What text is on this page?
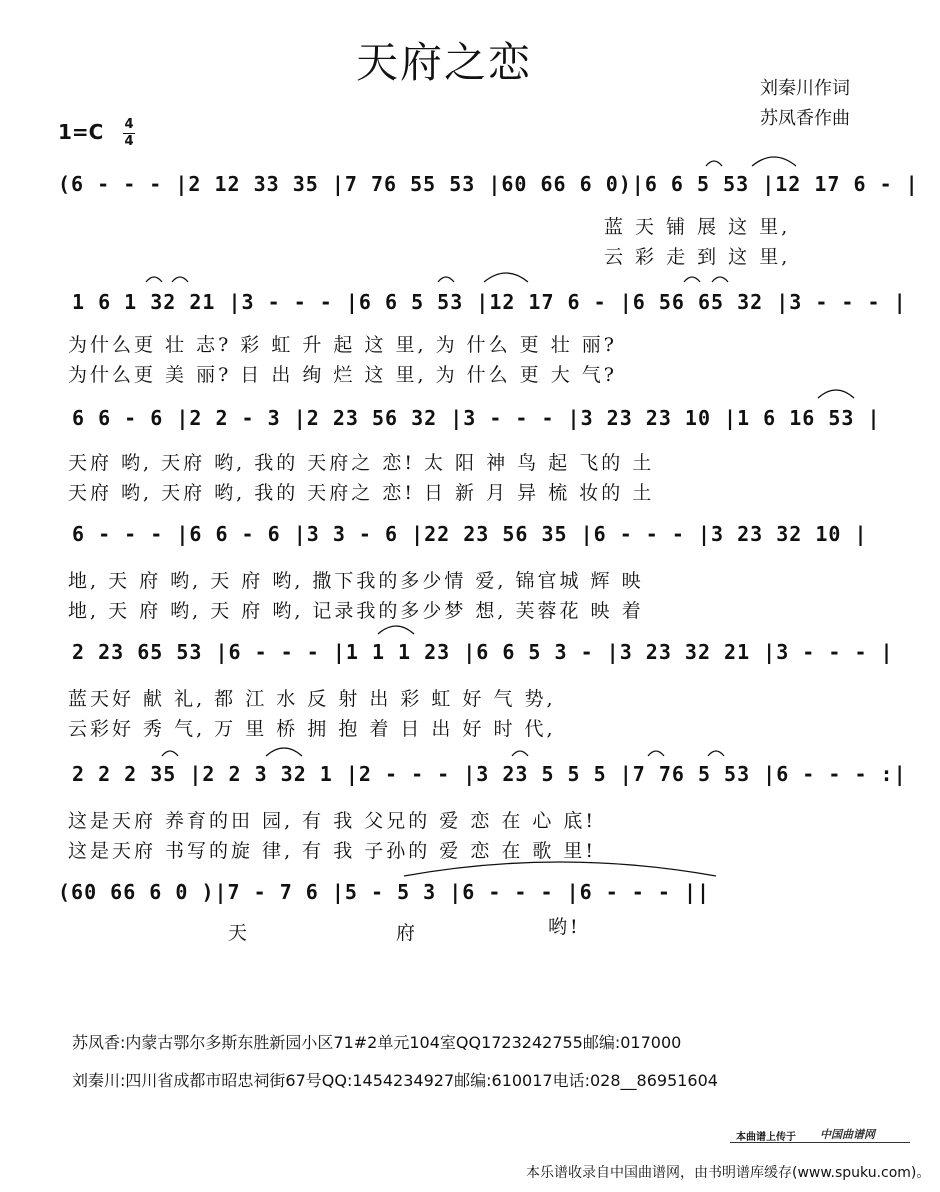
天府之恋
刘秦川作词
苏凤香作曲
1=C 4
4
(6 - - - |2 12 33 35 |7 76 55 53 |60 66 6 0)|6 6 5 53 |12 17 6 - |
蓝 天 铺 展 这 里,
云 彩 走 到 这 里,
1 6 1 32 21 |3 - - - |6 6 5 53 |12 17 6 - |6 56 65 32 |3 - - - |
为什么更 壮 志? 彩 虹 升 起 这 里, 为 什么 更 壮 丽?
为什么更 美 丽? 日 出 绚 烂 这 里, 为 什么 更 大 气?
6 6 - 6 |2 2 - 3 |2 23 56 32 |3 - - - |3 23 23 10 |1 6 16 53 |
天府 哟, 天府 哟, 我的 天府之 恋! 太 阳 神 鸟 起 飞的 土
天府 哟, 天府 哟, 我的 天府之 恋! 日 新 月 异 梳 妆的 土
6 - - - |6 6 - 6 |3 3 - 6 |22 23 56 35 |6 - - - |3 23 32 10 |
地, 天 府 哟, 天 府 哟, 撒下我的多少情 爱, 锦官城 辉 映
地, 天 府 哟, 天 府 哟, 记录我的多少梦 想, 芙蓉花 映 着
2 23 65 53 |6 - - - |1 1 1 23 |6 6 5 3 - |3 23 32 21 |3 - - - |
蓝天好 献 礼, 都 江 水 反 射 出 彩 虹 好 气 势,
云彩好 秀 气, 万 里 桥 拥 抱 着 日 出 好 时 代,
2 2 2 35 |2 2 3 32 1 |2 - - - |3 23 5 5 5 |7 76 5 53 |6 - - - :|
这是天府 养育的田 园, 有 我 父兄的 爱 恋 在 心 底!
这是天府 书写的旋 律, 有 我 子孙的 爱 恋 在 歌 里!
(60 66 6 0 )|7 - 7 6 |5 - 5 3 |6 - - - |6 - - - ||
天	府	哟!
苏凤香:内蒙古鄂尔多斯东胜新园小区71#2单元104室QQ1723242755邮编:017000
刘秦川:四川省成都市昭忠祠街67号QQ:1454234927邮编:610017电话:028__86951604
本曲谱上传于 中国曲谱网
本乐谱收录自中国曲谱网，由书明谱库缓存(www.spuku.com)。
